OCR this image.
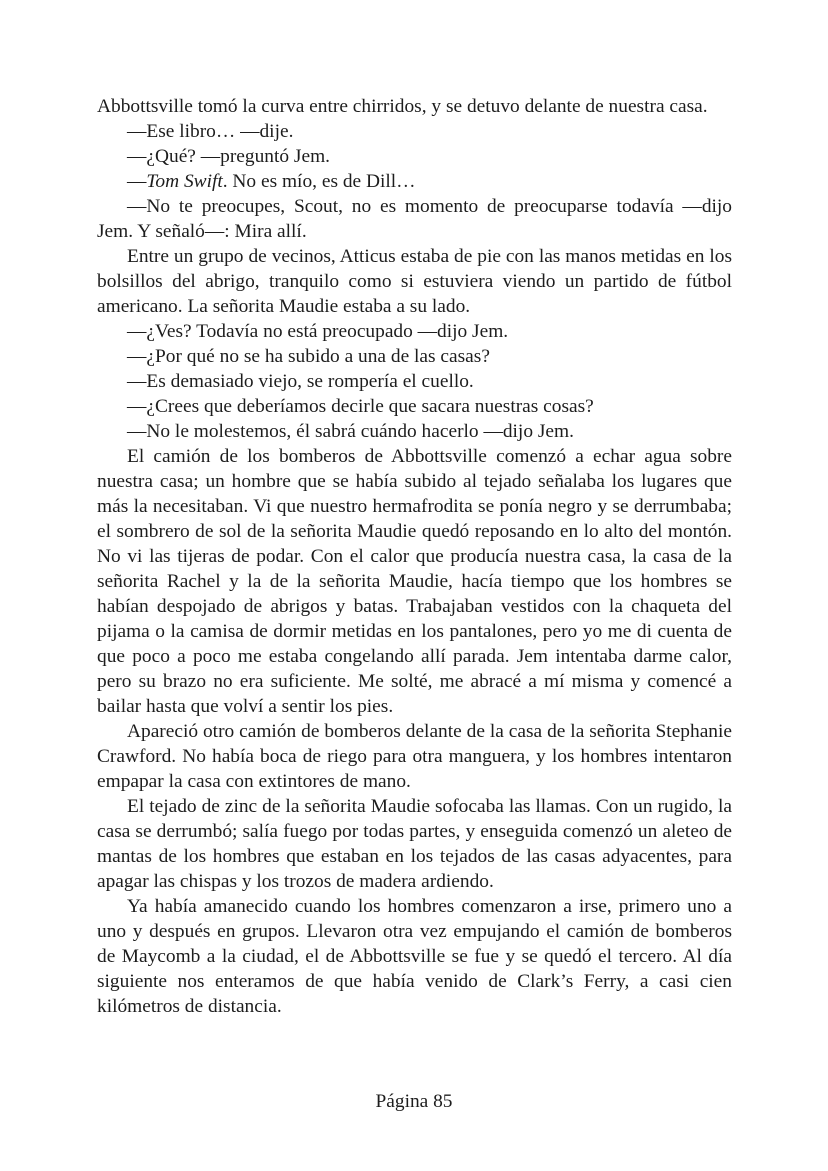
Abbottsville tomó la curva entre chirridos, y se detuvo delante de nuestra casa.

—Ese libro… —dije.

—¿Qué? —preguntó Jem.

—Tom Swift. No es mío, es de Dill…

—No te preocupes, Scout, no es momento de preocuparse todavía —dijo Jem. Y señaló—: Mira allí.

Entre un grupo de vecinos, Atticus estaba de pie con las manos metidas en los bolsillos del abrigo, tranquilo como si estuviera viendo un partido de fútbol americano. La señorita Maudie estaba a su lado.

—¿Ves? Todavía no está preocupado —dijo Jem.

—¿Por qué no se ha subido a una de las casas?

—Es demasiado viejo, se rompería el cuello.

—¿Crees que deberíamos decirle que sacara nuestras cosas?

—No le molestemos, él sabrá cuándo hacerlo —dijo Jem.

El camión de los bomberos de Abbottsville comenzó a echar agua sobre nuestra casa; un hombre que se había subido al tejado señalaba los lugares que más la necesitaban. Vi que nuestro hermafrodita se ponía negro y se derrumbaba; el sombrero de sol de la señorita Maudie quedó reposando en lo alto del montón. No vi las tijeras de podar. Con el calor que producía nuestra casa, la casa de la señorita Rachel y la de la señorita Maudie, hacía tiempo que los hombres se habían despojado de abrigos y batas. Trabajaban vestidos con la chaqueta del pijama o la camisa de dormir metidas en los pantalones, pero yo me di cuenta de que poco a poco me estaba congelando allí parada. Jem intentaba darme calor, pero su brazo no era suficiente. Me solté, me abracé a mí misma y comencé a bailar hasta que volví a sentir los pies.

Apareció otro camión de bomberos delante de la casa de la señorita Stephanie Crawford. No había boca de riego para otra manguera, y los hombres intentaron empapar la casa con extintores de mano.

El tejado de zinc de la señorita Maudie sofocaba las llamas. Con un rugido, la casa se derrumbó; salía fuego por todas partes, y enseguida comenzó un aleteo de mantas de los hombres que estaban en los tejados de las casas adyacentes, para apagar las chispas y los trozos de madera ardiendo.

Ya había amanecido cuando los hombres comenzaron a irse, primero uno a uno y después en grupos. Llevaron otra vez empujando el camión de bomberos de Maycomb a la ciudad, el de Abbottsville se fue y se quedó el tercero. Al día siguiente nos enteramos de que había venido de Clark’s Ferry, a casi cien kilómetros de distancia.

Página 85
